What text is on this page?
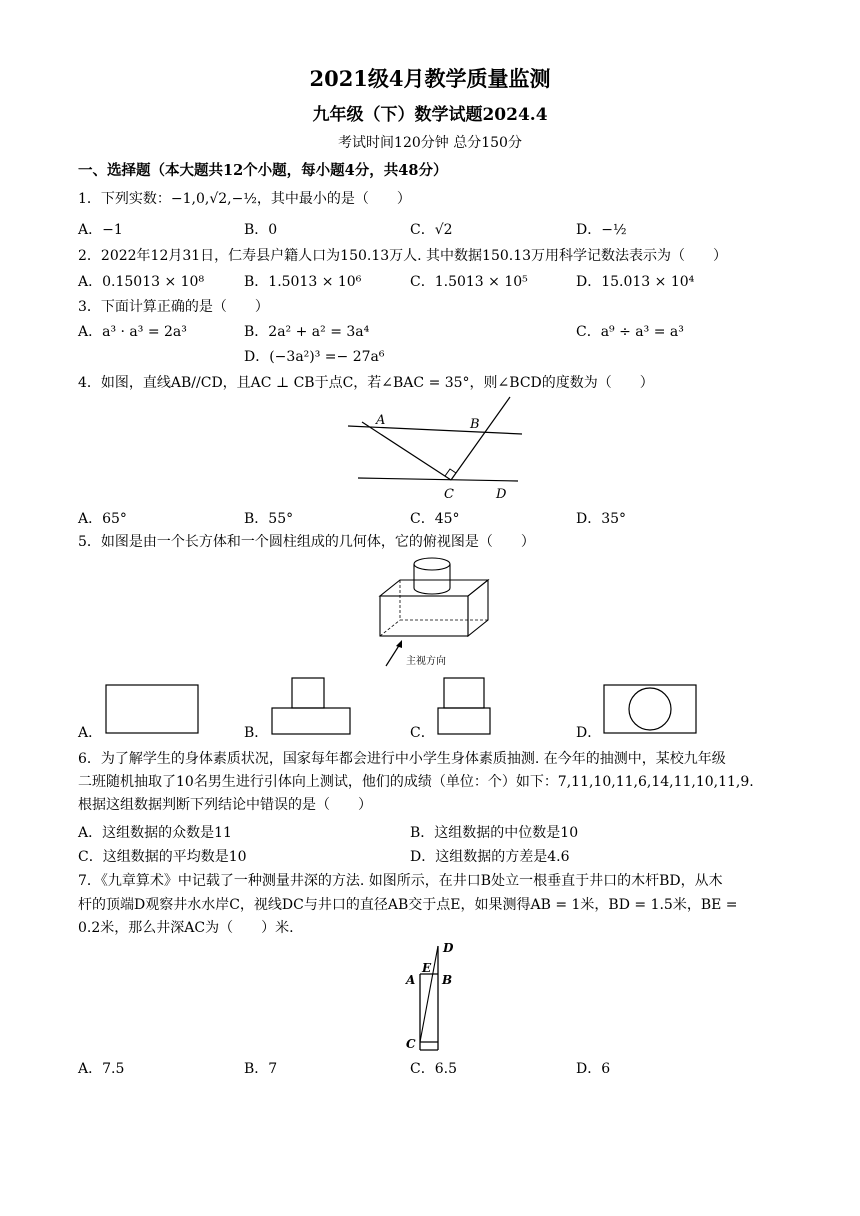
2021级4月教学质量监测
九年级（下）数学试题2024.4
考试时间120分钟 总分150分
一、选择题（本大题共12个小题，每小题4分，共48分）
1．下列实数：−1,0,√2,−½，其中最小的是（　　）
A．−1	B．0	C．√2	D．−½
2．2022年12月31日，仁寿县户籍人口为150.13万人. 其中数据150.13万用科学记数法表示为（　　）
A．0.15013 × 10⁸	B．1.5013 × 10⁶	C．1.5013 × 10⁵	D．15.013 × 10⁴
3．下面计算正确的是（　　）
A．a³ · a³ = 2a³	B．2a² + a² = 3a⁴	C．a⁹ ÷ a³ = a³
D．(−3a²)³ =− 27a⁶
4．如图，直线AB//CD，且AC ⊥ CB于点C，若∠BAC = 35°，则∠BCD的度数为（　　）
A	B
C	D
A．65°	B．55°	C．45°	D．35°
5．如图是由一个长方体和一个圆柱组成的几何体，它的俯视图是（　　）
主视方向
A．	B．	C．	D．
6．为了解学生的身体素质状况，国家每年都会进行中小学生身体素质抽测. 在今年的抽测中，某校九年级
二班随机抽取了10名男生进行引体向上测试，他们的成绩（单位：个）如下：7,11,10,11,6,14,11,10,11,9.
根据这组数据判断下列结论中错误的是（　　）
A．这组数据的众数是11	B．这组数据的中位数是10
C．这组数据的平均数是10	D．这组数据的方差是4.6
7．《九章算术》中记载了一种测量井深的方法. 如图所示，在井口B处立一根垂直于井口的木杆BD，从木
杆的顶端D观察井水水岸C，视线DC与井口的直径AB交于点E，如果测得AB = 1米，BD = 1.5米，BE =
0.2米，那么井深AC为（　　）米.
D
A
E
B
C
A．7.5	B．7	C．6.5	D．6
